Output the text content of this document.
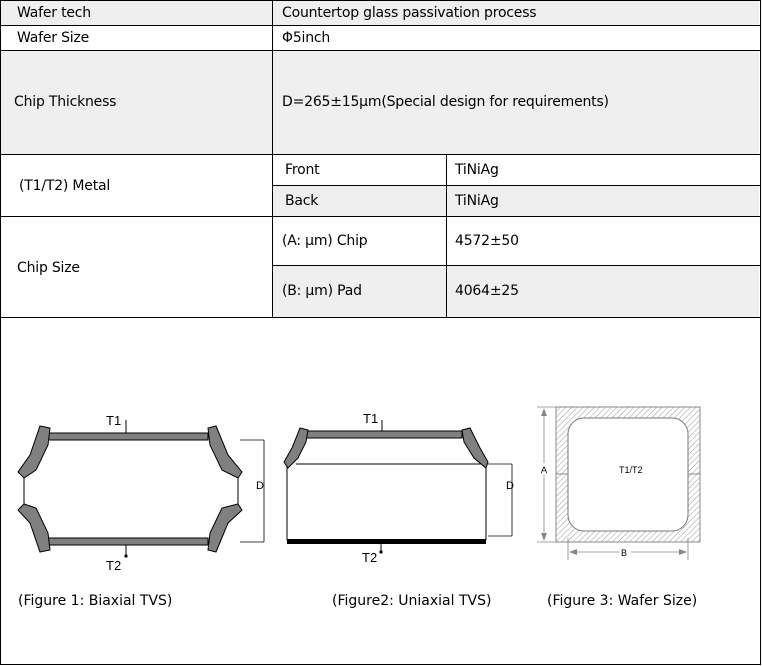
Wafer tech	Countertop glass passivation process
Wafer Size	Φ5inch
Chip Thickness	D=265±15μm(Special design for requirements)
(T1/T2) Metal
Front	TiNiAg
Back	TiNiAg
Chip Size
(A: μm) Chip	4572±50
(B: μm) Pad	4064±25
T1
D
T2
T1
D
T2
T1/T2
A
B
(Figure 1: Biaxial TVS)	(Figure2: Uniaxial TVS)	(Figure 3: Wafer Size)
